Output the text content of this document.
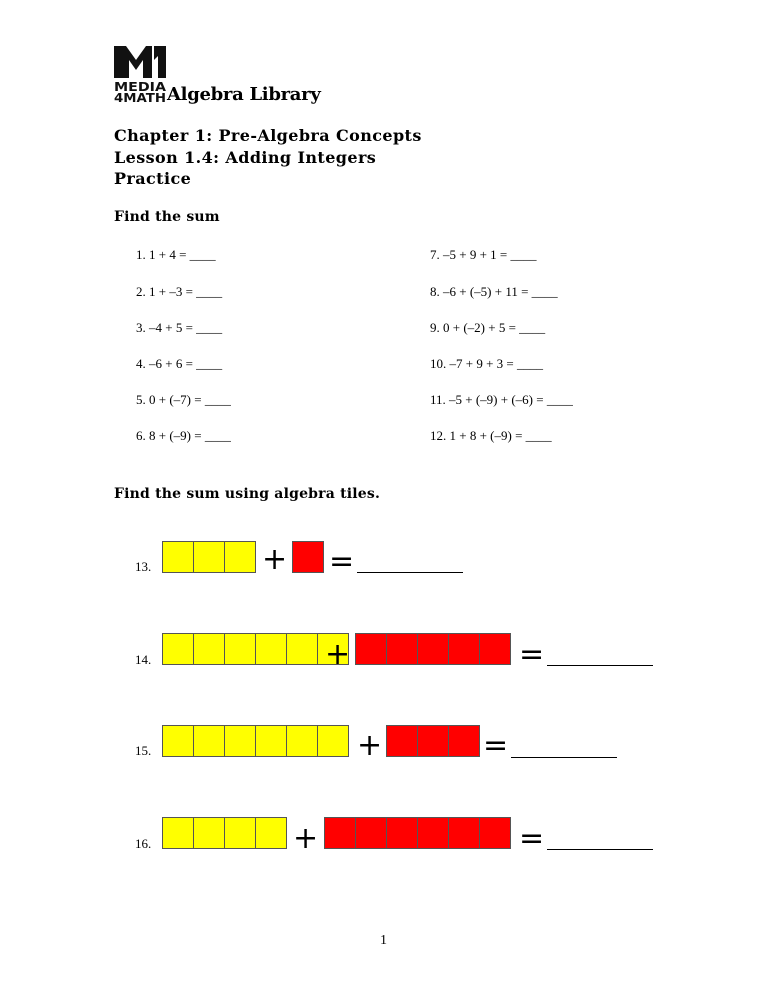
MEDIA
4MATH Algebra Library
Chapter 1: Pre-Algebra Concepts
Lesson 1.4: Adding Integers
Practice
Find the sum
1. 1 + 4 = ____
2. 1 + –3 = ____
3. –4 + 5 = ____
4. –6 + 6 = ____
5. 0 + (–7) = ____
6. 8 + (–9) = ____
7. –5 + 9 + 1 = ____
8. –6 + (–5) + 11 = ____
9. 0 + (–2) + 5 = ____
10. –7 + 9 + 3 = ____
11. –5 + (–9) + (–6) = ____
12. 1 + 8 + (–9) = ____
Find the sum using algebra tiles.
13.	+ =
14.	+	=
15.	+	=
16.	+	=
1
